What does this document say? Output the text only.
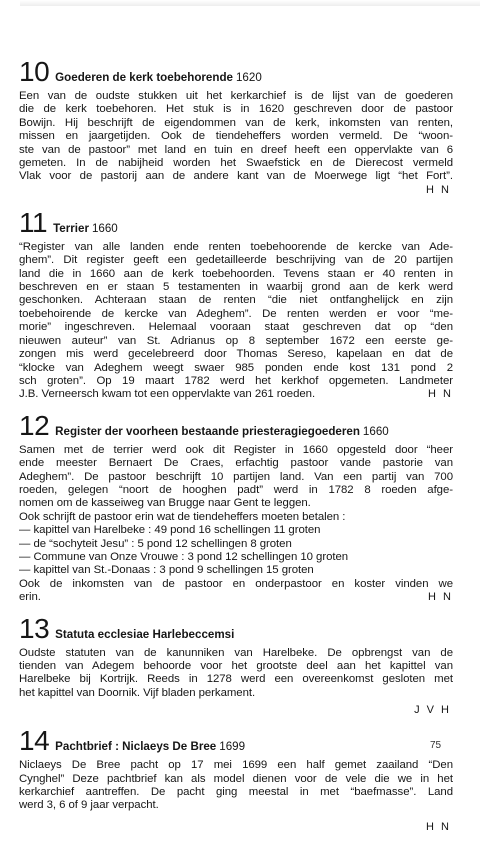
10 Goederen de kerk toebehorende 1620
Een van de oudste stukken uit het kerkarchief is de lijst van de goederen
die de kerk toebehoren. Het stuk is in 1620 geschreven door de pastoor
Bowijn. Hij beschrijft de eigendommen van de kerk, inkomsten van renten,
missen en jaargetijden. Ook de tiendeheffers worden vermeld. De “woon-
ste van de pastoor” met land en tuin en dreef heeft een oppervlakte van 6
gemeten. In de nabijheid worden het Swaefstick en de Dierecost vermeld
Vlak voor de pastorij aan de andere kant van de Moerwege ligt “het Fort”.
H N
11 Terrier 1660
“Register van alle landen ende renten toebehoorende de kercke van Ade-
ghem”. Dit register geeft een gedetailleerde beschrijving van de 20 partijen
land die in 1660 aan de kerk toebehoorden. Tevens staan er 40 renten in
beschreven en er staan 5 testamenten in waarbij grond aan de kerk werd
geschonken. Achteraan staan de renten “die niet ontfanghelijck en zijn
toebehoirende de kercke van Adeghem”. De renten werden er voor “me-
morie” ingeschreven. Helemaal vooraan staat geschreven dat op “den
nieuwen auteur” van St. Adrianus op 8 september 1672 een eerste ge-
zongen mis werd gecelebreerd door Thomas Sereso, kapelaan en dat de
“klocke van Adeghem weegt swaer 985 ponden ende kost 131 pond 2
sch groten”. Op 19 maart 1782 werd het kerkhof opgemeten. Landmeter
J.B. Verneersch kwam tot een oppervlakte van 261 roeden.	H N
12 Register der voorheen bestaande priesteragiegoederen 1660
Samen met de terrier werd ook dit Register in 1660 opgesteld door “heer
ende meester Bernaert De Craes, erfachtig pastoor vande pastorie van
Adeghem”. De pastoor beschrijft 10 partijen land. Van een partij van 700
roeden, gelegen “noort de hooghen padt” werd in 1782 8 roeden afge-
nomen om de kasseiweg van Brugge naar Gent te leggen.
Ook schrijft de pastoor erin wat de tiendeheffers moeten betalen :
— kapittel van Harelbeke : 49 pond 16 schellingen 11 groten
— de “sochyteit Jesu” : 5 pond 12 schellingen 8 groten
— Commune van Onze Vrouwe : 3 pond 12 schellingen 10 groten
— kapittel van St.-Donaas : 3 pond 9 schellingen 15 groten
Ook de inkomsten van de pastoor en onderpastoor en koster vinden we
erin.	H N
13 Statuta ecclesiae Harlebeccemsi
Oudste statuten van de kanunniken van Harelbeke. De opbrengst van de
tienden van Adegem behoorde voor het grootste deel aan het kapittel van
Harelbeke bij Kortrijk. Reeds in 1278 werd een overeenkomst gesloten met
het kapittel van Doornik. Vijf bladen perkament.
J V H
14 Pachtbrief : Niclaeys De Bree 1699
Niclaeys De Bree pacht op 17 mei 1699 een half gemet zaailand “Den
Cynghel” Deze pachtbrief kan als model dienen voor de vele die we in het
kerkarchief aantreffen. De pacht ging meestal in met “baefmasse”. Land
werd 3, 6 of 9 jaar verpacht.
H N
75
